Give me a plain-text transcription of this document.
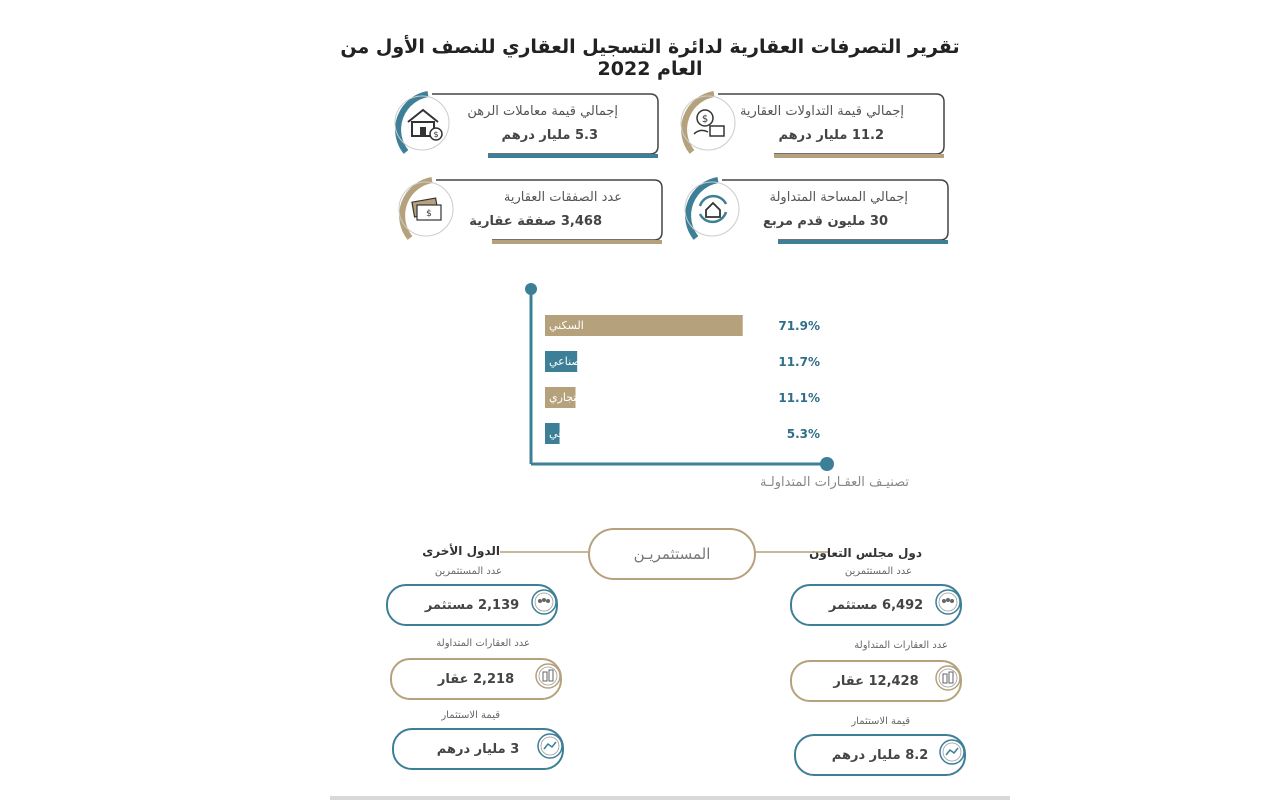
تقرير التصرفات العقارية لدائرة التسجيل العقاري للنصف الأول من العام 2022
$
إجمالي قيمة معاملات الرهن
5.3 مليار درهم
$
إجمالي قيمة التداولات العقارية
11.2 مليار درهم
$
عدد الصفقات العقارية
3,468 صفقة عقارية
إجمالي المساحة المتداولة
30 مليون قدم مربع
السكني	71.9%
الصناعي	11.7%
التجاري	11.1%
الزراعي	5.3%
تصنيـف العقـارات المتداولـة
المستثمريـن	دول مجلس التعاون
الدول الأخرى
عدد المستثمرين
6,492 مستثمر
عدد العقارات المتداولة
12,428 عقار
قيمة الاستثمار
8.2 مليار درهم
عدد المستثمرين
2,139 مستثمر
عدد العقارات المتداولة
2,218 عقار
قيمة الاستثمار
3 مليار درهم
